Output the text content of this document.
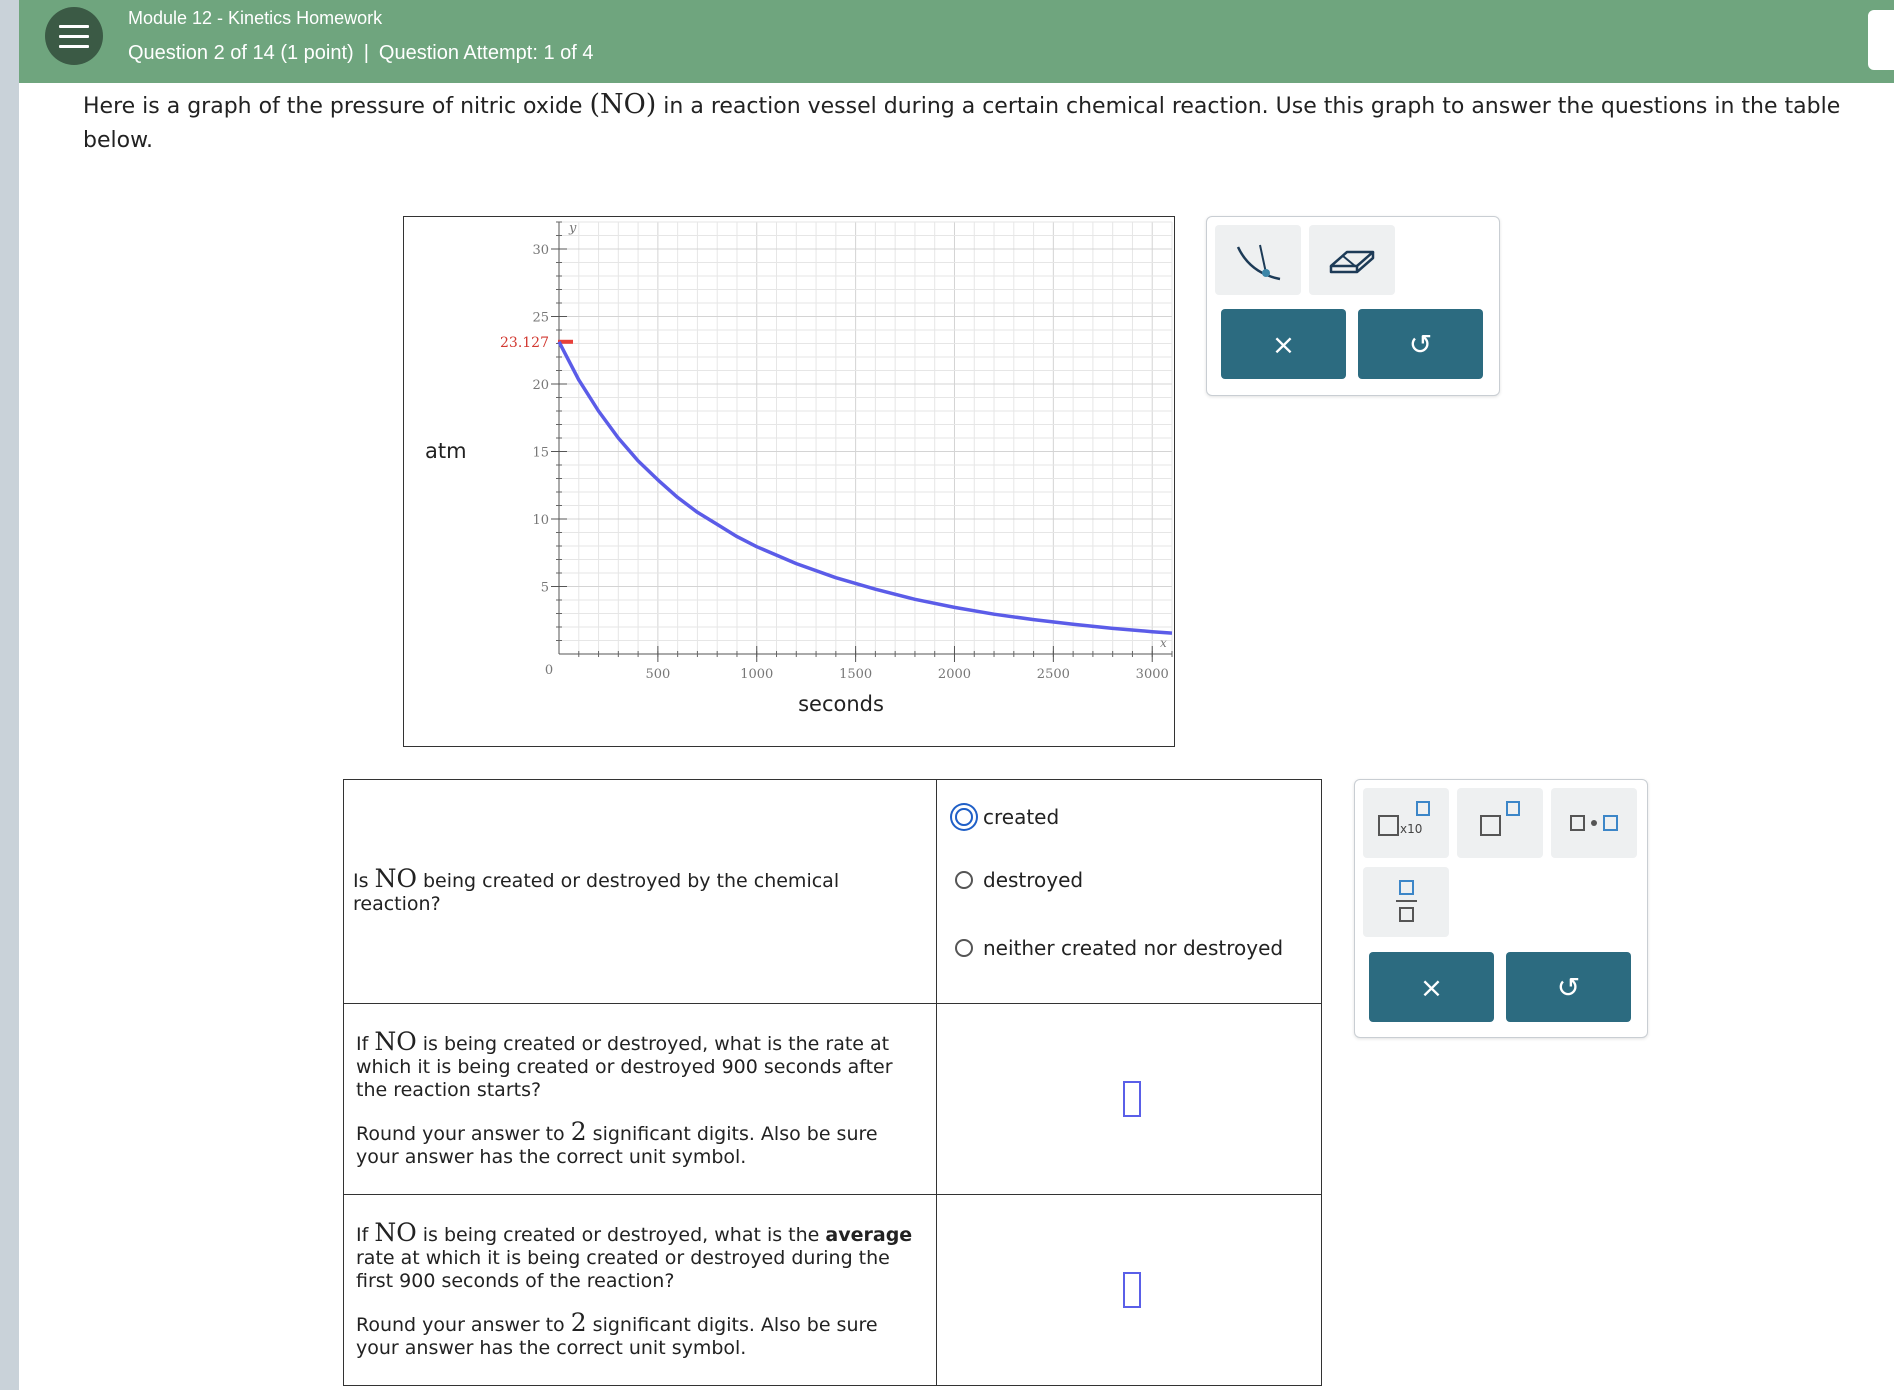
Module 12 - Kinetics Homework
Question 2 of 14 (1 point) | Question Attempt: 1 of 4
Here is a graph of the pressure of nitric oxide (NO) in a reaction vessel during a certain chemical reaction. Use this graph to answer the questions in the table below.
0	500	1000	1500	2000	2500	3000
5
10
15
20
25
30
y
x
23.127
seconds
atm
×	↺
Is NO being created or destroyed by the chemical reaction?	created
destroyed
neither created nor destroyed

If NO is being created or destroyed, what is the rate at which it is being created or destroyed 900 seconds after the reaction starts?
Round your answer to 2 significant digits. Also be sure your answer has the correct unit symbol.	

If NO is being created or destroyed, what is the average rate at which it is being created or destroyed during the first 900 seconds of the reaction?
Round your answer to 2 significant digits. Also be sure your answer has the correct unit symbol.	

x10
×	↺
